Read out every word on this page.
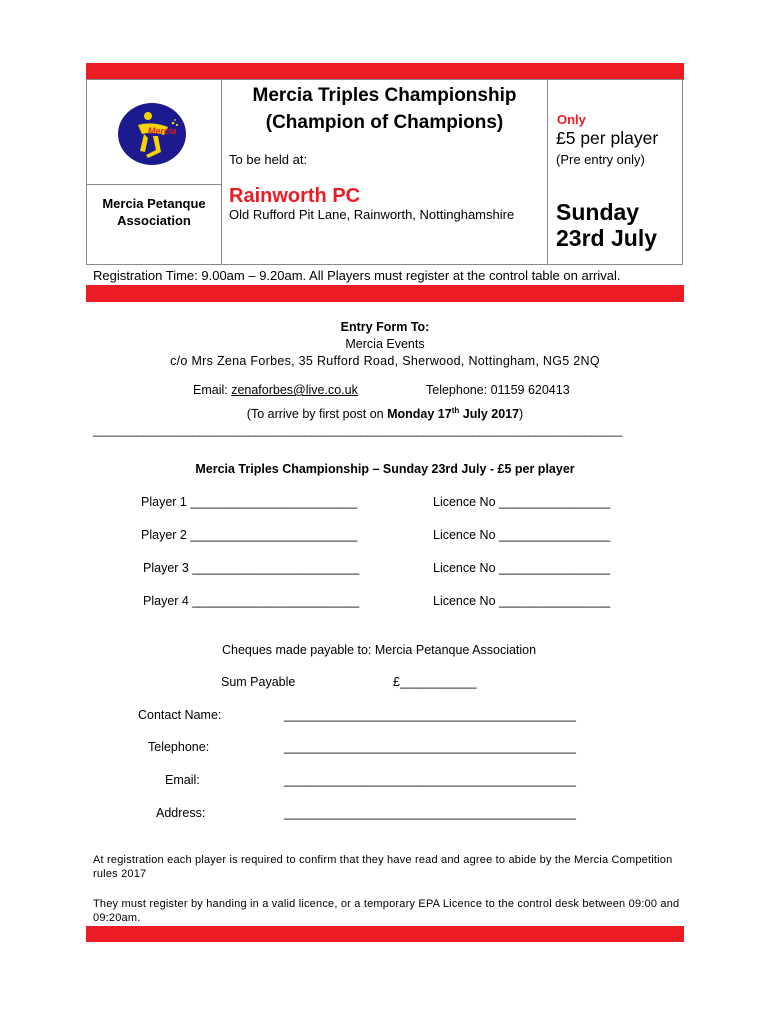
Mercia
Mercia Petanque Association
Mercia Triples Championship
(Champion of Champions)
To be held at:
Rainworth PC
Old Rufford Pit Lane, Rainworth, Nottinghamshire
Only
£5 per player
(Pre entry only)
Sunday
23rd July
Registration Time: 9.00am – 9.20am. All Players must register at the control table on arrival.
Entry Form To:
Mercia Events
c/o Mrs Zena Forbes, 35 Rufford Road, Sherwood, Nottingham, NG5 2NQ
Email: zenaforbes@live.co.uk	Telephone: 01159 620413
(To arrive by first post on Monday 17th July 2017)
_____________________________________________________________________________________
Mercia Triples Championship – Sunday 23rd July - £5 per player
Player 1 ________________________	Licence No ________________
Player 2 ________________________	Licence No ________________
Player 3 ________________________	Licence No ________________
Player 4 ________________________	Licence No ________________
Cheques made payable to: Mercia Petanque Association
Sum Payable	£___________
Contact Name:	__________________________________________
Telephone:	__________________________________________
Email:	__________________________________________
Address:	__________________________________________
At registration each player is required to confirm that they have read and agree to abide by the Mercia Competition rules 2017
They must register by handing in a valid licence, or a temporary EPA Licence to the control desk between 09:00 and 09:20am.
